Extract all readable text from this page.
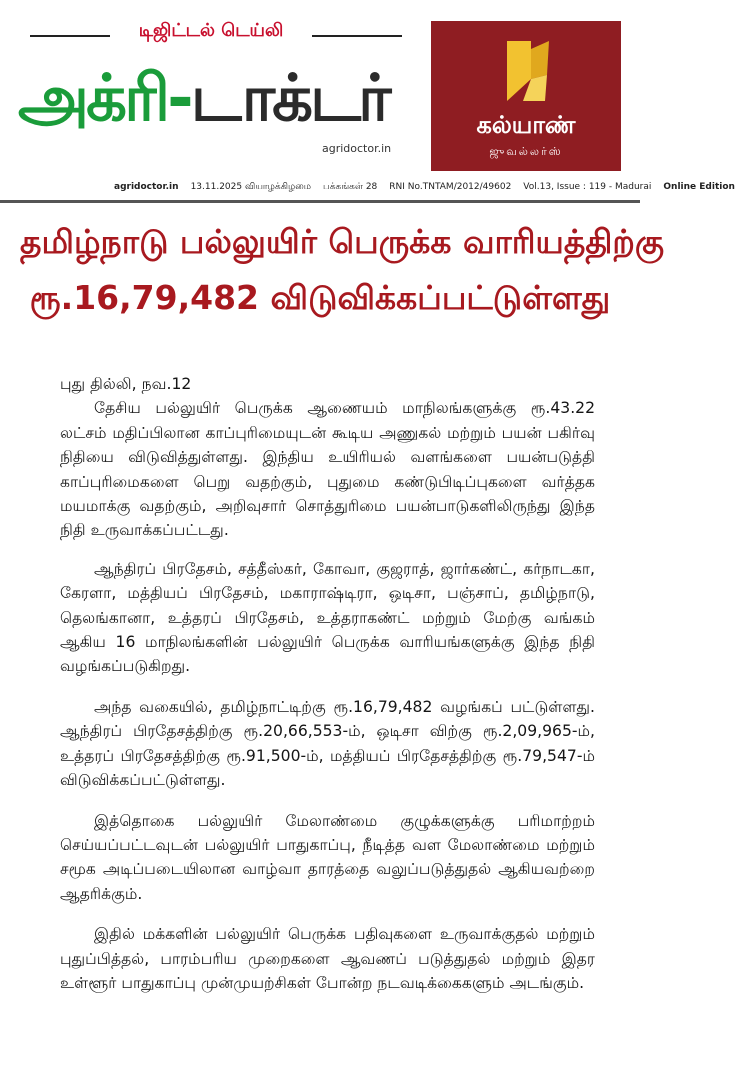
டிஜிட்டல் டெய்லி
அக்ரி-டாக்டர்
agridoctor.in
கல்யாண்
ஜுவல்லர்ஸ்
agridoctor.in	13.11.2025 வியாழக்கிழமை	பக்கங்கள் 28	RNI No.TNTAM/2012/49602	Vol.13, Issue : 119 - Madurai	Online Edition
தமிழ்நாடு பல்லுயிர் பெருக்க வாரியத்திற்கு
ரூ.16,79,482 விடுவிக்கப்பட்டுள்ளது
புது தில்லி, நவ.12

தேசிய பல்லுயிர் பெருக்க ஆணையம் மாநிலங்களுக்கு ரூ.43.22 லட்சம் மதிப்பிலான காப்புரிமையுடன் கூடிய அணுகல் மற்றும் பயன் பகிர்வு நிதியை விடுவித்துள்ளது. இந்திய உயிரியல் வளங்களை பயன்படுத்தி காப்புரிமைகளை பெறு வதற்கும், புதுமை கண்டுபிடிப்புகளை வர்த்தக மயமாக்கு வதற்கும், அறிவுசார் சொத்துரிமை பயன்பாடுகளிலிருந்து இந்த நிதி உருவாக்கப்பட்டது.

ஆந்திரப் பிரதேசம், சத்தீஸ்கர், கோவா, குஜராத், ஜார்கண்ட், கர்நாடகா, கேரளா, மத்தியப் பிரதேசம், மகாராஷ்டிரா, ஒடிசா, பஞ்சாப், தமிழ்நாடு, தெலங்கானா, உத்தரப் பிரதேசம், உத்தராகண்ட் மற்றும் மேற்கு வங்கம் ஆகிய 16 மாநிலங்களின் பல்லுயிர் பெருக்க வாரியங்களுக்கு இந்த நிதி வழங்கப்படுகிறது.

அந்த வகையில், தமிழ்நாட்டிற்கு ரூ.16,79,482 வழங்கப் பட்டுள்ளது. ஆந்திரப் பிரதேசத்திற்கு ரூ.20,66,553-ம், ஒடிசா விற்கு ரூ.2,09,965-ம், உத்தரப் பிரதேசத்திற்கு ரூ.91,500-ம், மத்தியப் பிரதேசத்திற்கு ரூ.79,547-ம் விடுவிக்கப்பட்டுள்ளது.

இத்தொகை பல்லுயிர் மேலாண்மை குழுக்களுக்கு பரிமாற்றம் செய்யப்பட்டவுடன் பல்லுயிர் பாதுகாப்பு, நீடித்த வள மேலாண்மை மற்றும் சமூக அடிப்படையிலான வாழ்வா தாரத்தை வலுப்படுத்துதல் ஆகியவற்றை ஆதரிக்கும்.

இதில் மக்களின் பல்லுயிர் பெருக்க பதிவுகளை உருவாக்குதல் மற்றும் புதுப்பித்தல், பாரம்பரிய முறைகளை ஆவணப் படுத்துதல் மற்றும் இதர உள்ளூர் பாதுகாப்பு முன்முயற்சிகள் போன்ற நடவடிக்கைகளும் அடங்கும்.
